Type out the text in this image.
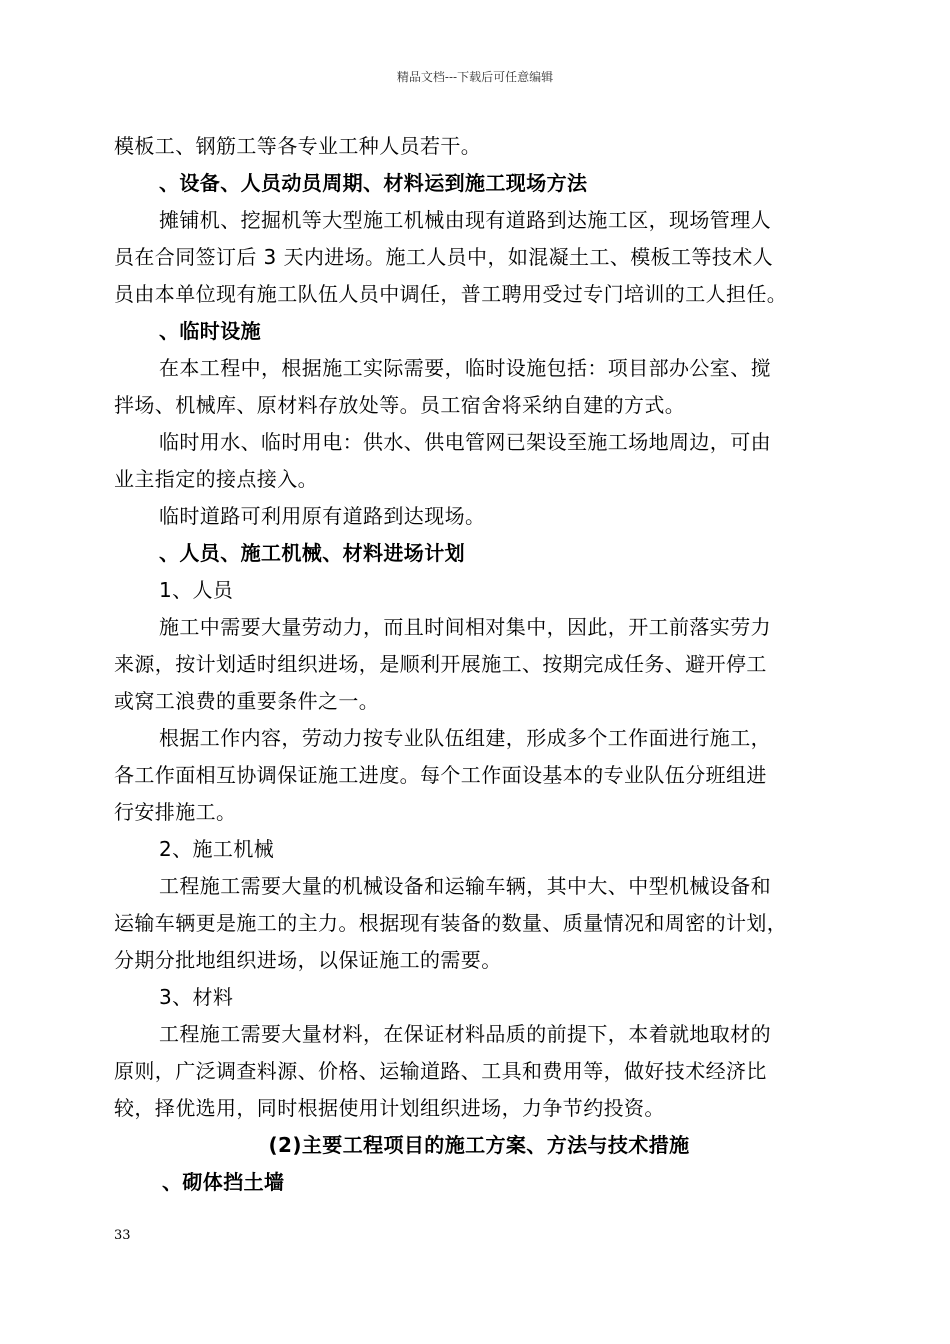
精品文档---下载后可任意编辑
模板工、钢筋工等各专业工种人员若干。
、设备、人员动员周期、材料运到施工现场方法
摊铺机、挖掘机等大型施工机械由现有道路到达施工区，现场管理人
员在合同签订后 3 天内进场。施工人员中，如混凝土工、模板工等技术人
员由本单位现有施工队伍人员中调任，普工聘用受过专门培训的工人担任。
、临时设施
在本工程中，根据施工实际需要，临时设施包括：项目部办公室、搅
拌场、机械库、原材料存放处等。员工宿舍将采纳自建的方式。
临时用水、临时用电：供水、供电管网已架设至施工场地周边，可由
业主指定的接点接入。
临时道路可利用原有道路到达现场。
、人员、施工机械、材料进场计划
1、人员
施工中需要大量劳动力，而且时间相对集中，因此，开工前落实劳力
来源，按计划适时组织进场，是顺利开展施工、按期完成任务、避开停工
或窝工浪费的重要条件之一。
根据工作内容，劳动力按专业队伍组建，形成多个工作面进行施工，
各工作面相互协调保证施工进度。每个工作面设基本的专业队伍分班组进
行安排施工。
2、施工机械
工程施工需要大量的机械设备和运输车辆，其中大、中型机械设备和
运输车辆更是施工的主力。根据现有装备的数量、质量情况和周密的计划，
分期分批地组织进场，以保证施工的需要。
3、材料
工程施工需要大量材料，在保证材料品质的前提下，本着就地取材的
原则，广泛调查料源、价格、运输道路、工具和费用等，做好技术经济比
较，择优选用，同时根据使用计划组织进场，力争节约投资。
(2)主要工程项目的施工方案、方法与技术措施
、砌体挡土墙
33
